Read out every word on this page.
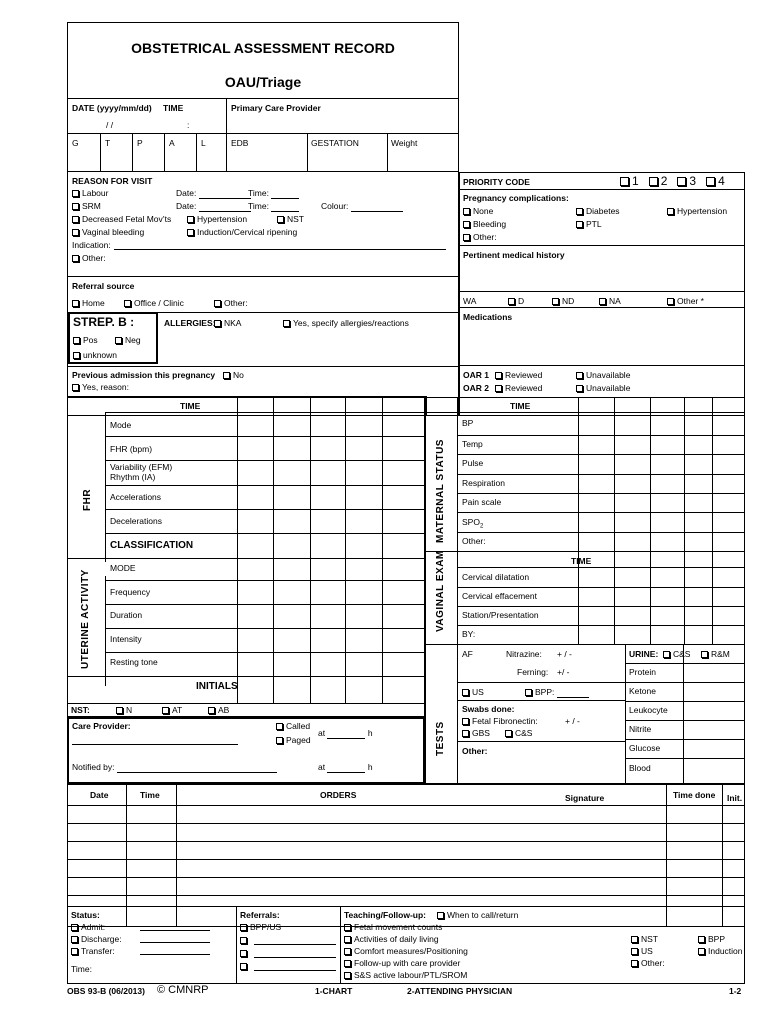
OBSTETRICAL ASSESSMENT RECORD
OAU/Triage
DATE (yyyy/mm/dd) TIME
/ /	:
Primary Care Provider
G	T	P	A	L	EDB	GESTATION	Weight
REASON FOR VISIT
Labour	Date:	Time:
SRM	Date:	Time:	Colour:
Decreased Fetal Mov’ts	Hypertension	NST
Vaginal bleeding	Induction/Cervical ripening
Indication:
Other:
Referral source
Home	Office / Clinic	Other:
STREP. B :
Pos	Neg
unknown
ALLERGIES:	NKA	Yes, specify allergies/reactions
Previous admission this pregnancy	No
Yes, reason:
PRIORITY CODE	1 2 3 4
Pregnancy complications:
None	Diabetes	Hypertension
Bleeding	PTL
Other:
Pertinent medical history
WA	D	ND	NA	Other *
Medications
OAR 1	Reviewed	Unavailable
OAR 2	Reviewed	Unavailable
TIME
FHR
Mode
FHR (bpm)
Variability (EFM)
Rhythm (IA)
Accelerations
Decelerations
CLASSIFICATION
UTERINE ACTIVITY
MODE
Frequency
Duration
Intensity
Resting tone
INITIALS
NST:	N	AT	AB
Care Provider:	Called
Paged
at	h
Notified by:	at	h
TIME
MATERNAL STATUS
BP
Temp
Pulse
Respiration
Pain scale
$SPO_2$
Other:
TIME
VAGINAL EXAM Cervical dilatation
Cervical effacement
Station/Presentation
BY:
TESTS
AF	Nitrazine: + / -
Ferning: +/ -
US	BPP:
Swabs done:
Fetal Fibronectin:	+ / -
GBS	C&S
Other:
URINE:	C&S	R&M
Protein
Ketone
Leukocyte
Nitrite
Glucose
Blood
Date	Time	ORDERS	Signature	Time done Init.
Status:
Admit:
Discharge:
Transfer:
Time:
Referrals:
BPP/US
Teaching/Follow-up:	When to call/return
Fetal movement counts
Activities of daily living
Comfort measures/Positioning
Follow-up with care provider
S&S active labour/PTL/SROM
NST	BPP
US	Induction
Other:
OBS 93-B (06/2013) © CMNRP	1-CHART	2-ATTENDING PHYSICIAN	1-2
